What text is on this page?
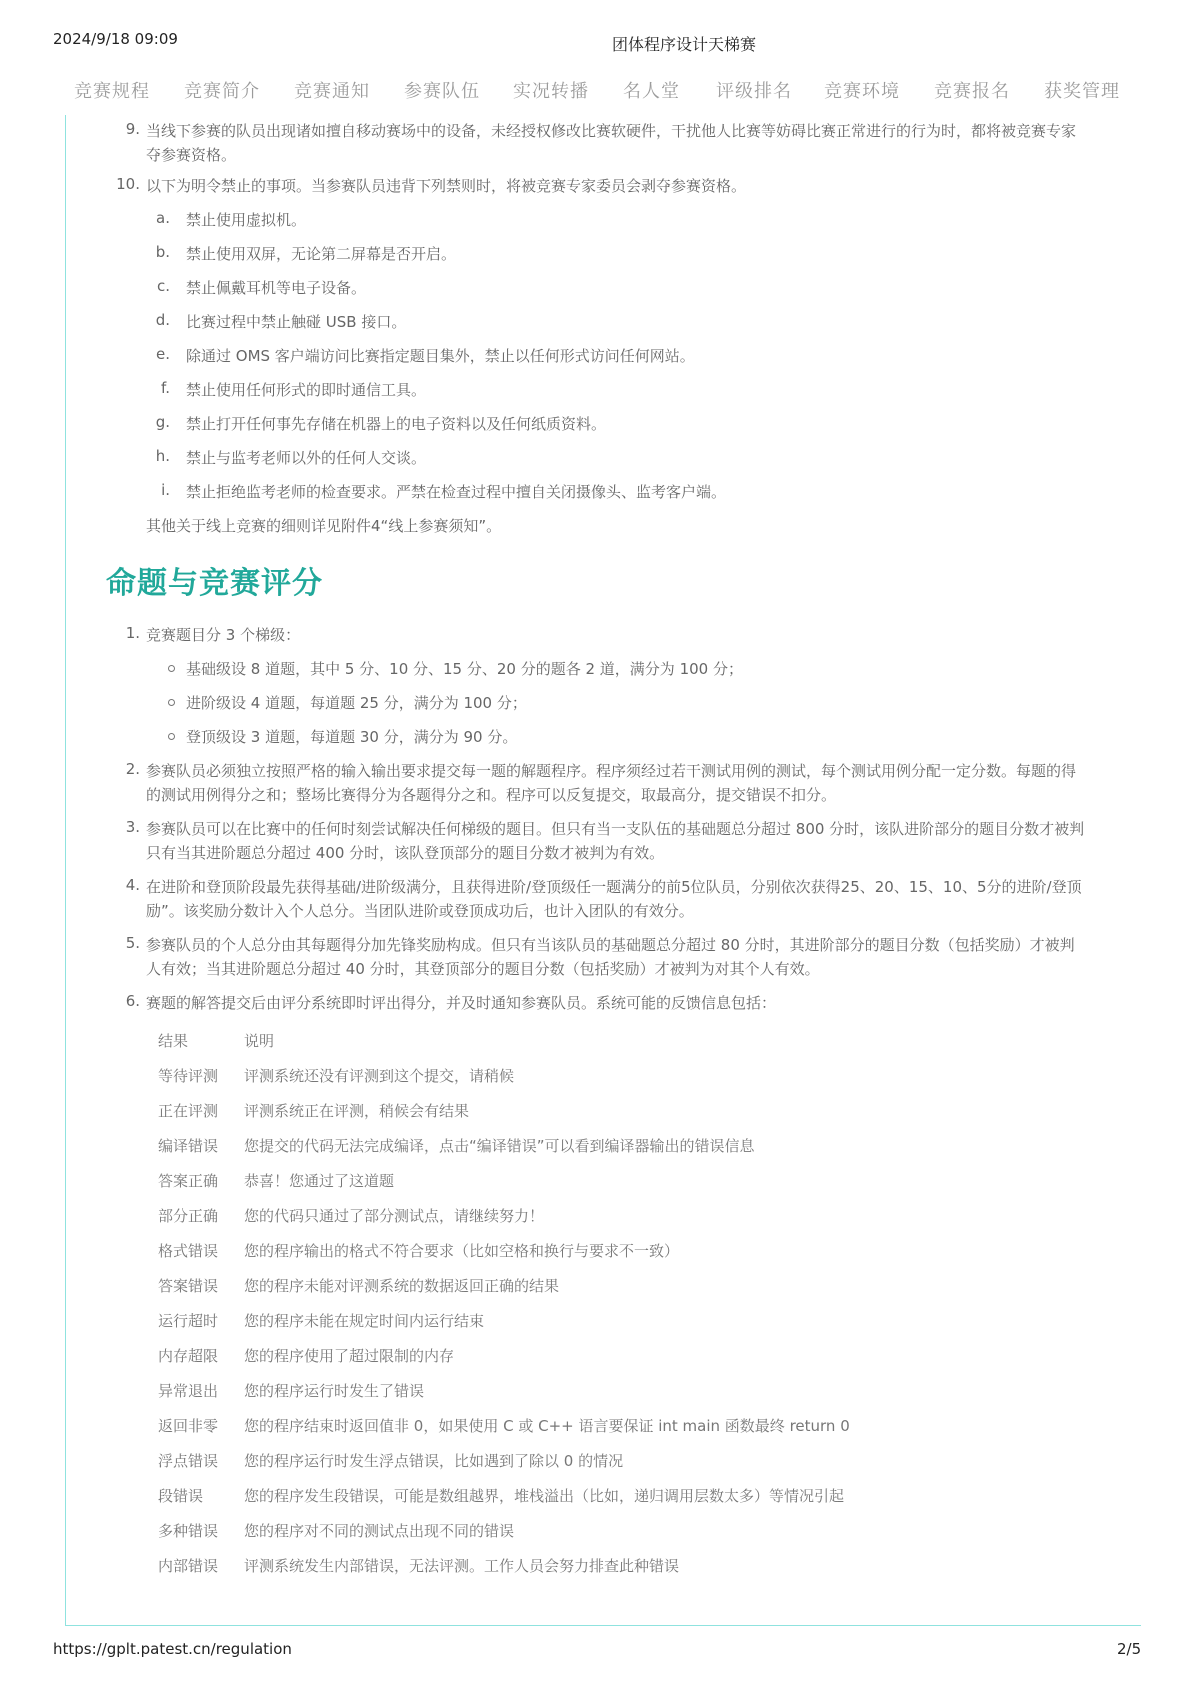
2024/9/18 09:09	团体程序设计天梯赛
竞赛规程 竞赛简介 竞赛通知 参赛队伍 实况转播 名人堂 评级排名 竞赛环境 竞赛报名 获奖管理
9. 当线下参赛的队员出现诸如擅自移动赛场中的设备，未经授权修改比赛软硬件，干扰他人比赛等妨碍比赛正常进行的行为时，都将被竞赛专家
夺参赛资格。
10. 以下为明令禁止的事项。当参赛队员违背下列禁则时，将被竞赛专家委员会剥夺参赛资格。
a. 禁止使用虚拟机。
b. 禁止使用双屏，无论第二屏幕是否开启。
c. 禁止佩戴耳机等电子设备。
d. 比赛过程中禁止触碰 USB 接口。
e. 除通过 OMS 客户端访问比赛指定题目集外，禁止以任何形式访问任何网站。
f. 禁止使用任何形式的即时通信工具。
g. 禁止打开任何事先存储在机器上的电子资料以及任何纸质资料。
h. 禁止与监考老师以外的任何人交谈。
i. 禁止拒绝监考老师的检查要求。严禁在检查过程中擅自关闭摄像头、监考客户端。
其他关于线上竞赛的细则详见附件4“线上参赛须知”。
命题与竞赛评分
1. 竞赛题目分 3 个梯级：
基础级设 8 道题，其中 5 分、10 分、15 分、20 分的题各 2 道，满分为 100 分；
进阶级设 4 道题，每道题 25 分，满分为 100 分；
登顶级设 3 道题，每道题 30 分，满分为 90 分。
2. 参赛队员必须独立按照严格的输入输出要求提交每一题的解题程序。程序须经过若干测试用例的测试，每个测试用例分配一定分数。每题的得
的测试用例得分之和；整场比赛得分为各题得分之和。程序可以反复提交，取最高分，提交错误不扣分。
3. 参赛队员可以在比赛中的任何时刻尝试解决任何梯级的题目。但只有当一支队伍的基础题总分超过 800 分时，该队进阶部分的题目分数才被判
只有当其进阶题总分超过 400 分时，该队登顶部分的题目分数才被判为有效。
4. 在进阶和登顶阶段最先获得基础/进阶级满分，且获得进阶/登顶级任一题满分的前5位队员，分别依次获得25、20、15、10、5分的进阶/登顶
励”。该奖励分数计入个人总分。当团队进阶或登顶成功后，也计入团队的有效分。
5. 参赛队员的个人总分由其每题得分加先锋奖励构成。但只有当该队员的基础题总分超过 80 分时，其进阶部分的题目分数（包括奖励）才被判
人有效；当其进阶题总分超过 40 分时，其登顶部分的题目分数（包括奖励）才被判为对其个人有效。
6. 赛题的解答提交后由评分系统即时评出得分，并及时通知参赛队员。系统可能的反馈信息包括：
结果	说明
等待评测 评测系统还没有评测到这个提交，请稍候
正在评测 评测系统正在评测，稍候会有结果
编译错误 您提交的代码无法完成编译，点击“编译错误”可以看到编译器输出的错误信息
答案正确 恭喜！您通过了这道题
部分正确 您的代码只通过了部分测试点，请继续努力！
格式错误 您的程序输出的格式不符合要求（比如空格和换行与要求不一致）
答案错误 您的程序未能对评测系统的数据返回正确的结果
运行超时 您的程序未能在规定时间内运行结束
内存超限 您的程序使用了超过限制的内存
异常退出 您的程序运行时发生了错误
返回非零 您的程序结束时返回值非 0，如果使用 C 或 C++ 语言要保证 int main 函数最终 return 0
浮点错误 您的程序运行时发生浮点错误，比如遇到了除以 0 的情况
段错误	您的程序发生段错误，可能是数组越界，堆栈溢出（比如，递归调用层数太多）等情况引起
多种错误 您的程序对不同的测试点出现不同的错误
内部错误 评测系统发生内部错误，无法评测。工作人员会努力排查此种错误
https://gplt.patest.cn/regulation	2/5
